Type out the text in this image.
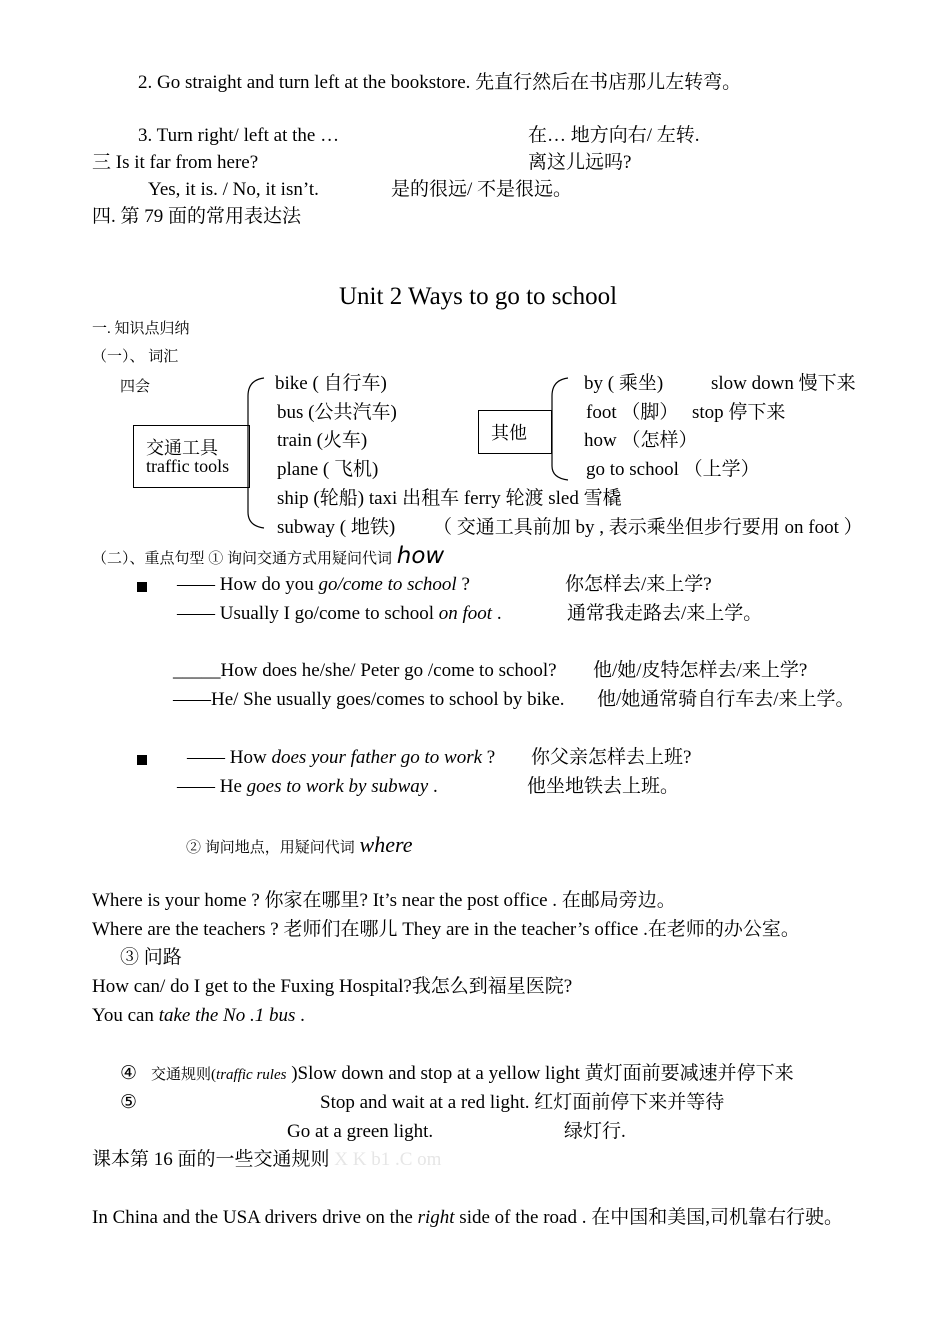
2. Go straight and turn left at the bookstore. 先直行然后在书店那儿左转弯。
3. Turn right/ left at the …	在… 地方向右/ 左转.
三 Is it far from here?	离这儿远吗?
Yes, it is. / No, it isn’t.	是的很远/ 不是很远。
四. 第 79 面的常用表达法
Unit 2 Ways to go to school
一. 知识点归纳
（一）、 词汇
四会
交通工具
traffic tools
bike ( 自行车)
bus (公共汽车)
train (火车)
plane ( 飞机)
ship (轮船) taxi 出租车 ferry 轮渡 sled 雪橇
subway ( 地铁) （ 交通工具前加 by , 表示乘坐但步行要用 on foot ）
其他
by ( 乘坐)	slow down 慢下来
foot （脚） stop 停下来
how （怎样）
go to school （上学）
（二）、重点句型 ① 询问交通方式用疑问代词 how
—— How do you go/come to school ?	你怎样去/来上学?
—— Usually I go/come to school on foot .	通常我走路去/来上学。
_____How does he/she/ Peter go /come to school? 他/她/皮特怎样去/来上学?
——He/ She usually goes/comes to school by bike. 他/她通常骑自行车去/来上学。
—— How does your father go to work ? 你父亲怎样去上班?
—— He goes to work by subway .	他坐地铁去上班。
② 询问地点，用疑问代词 where
Where is your home ? 你家在哪里? It’s near the post office . 在邮局旁边。
Where are the teachers ? 老师们在哪儿 They are in the teacher’s office .在老师的办公室。
③ 问路
How can/ do I get to the Fuxing Hospital?我怎么到福星医院?
You can take the No .1 bus .
④ 交通规则(traffic rules )Slow down and stop at a yellow light 黄灯面前要减速并停下来
⑤	Stop and wait at a red light. 红灯面前停下来并等待
Go at a green light.	绿灯行.
课本第 16 面的一些交通规则 X K b1 .C om
In China and the USA drivers drive on the right side of the road . 在中国和美国,司机靠右行驶。
